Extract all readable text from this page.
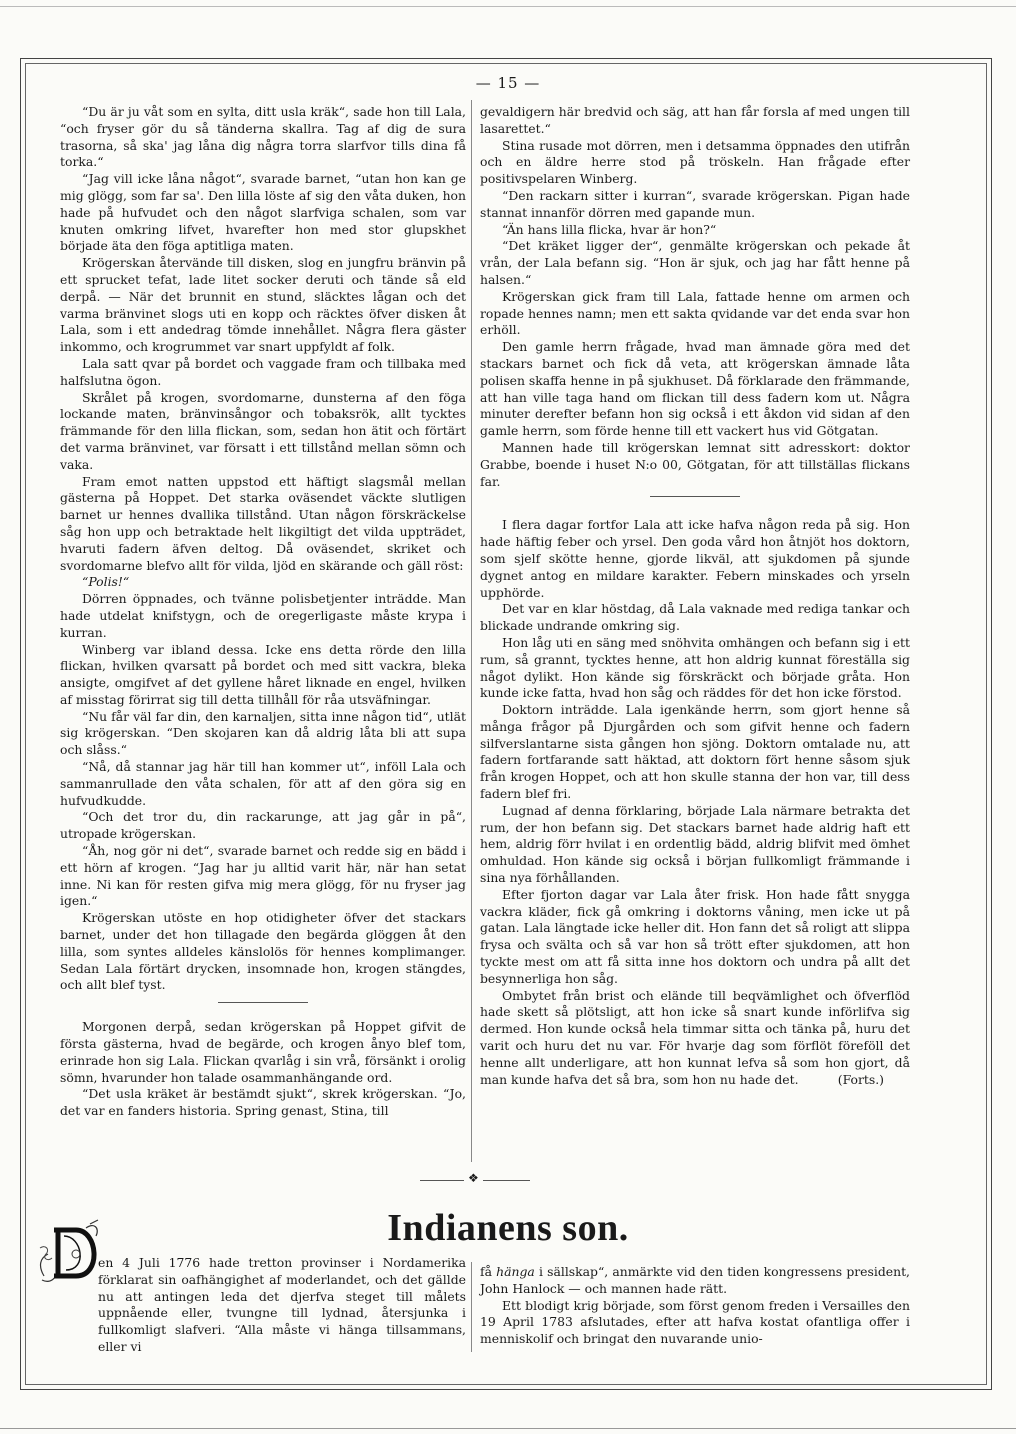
— 15 —

“Du är ju våt som en sylta, ditt usla kräk“, sade hon till Lala, “och fryser gör du så tänderna skallra. Tag af dig de sura trasorna, så ska' jag låna dig några torra slarfvor tills dina få torka.“

“Jag vill icke låna något“, svarade barnet, “utan hon kan ge mig glögg, som far sa'. Den lilla löste af sig den våta duken, hon hade på hufvudet och den något slarfviga schalen, som var knuten omkring lifvet, hvarefter hon med stor glupskhet började äta den föga aptitliga maten.

Krögerskan återvände till disken, slog en jungfru bränvin på ett sprucket tefat, lade litet socker deruti och tände så eld derpå. — När det brunnit en stund, släcktes lågan och det varma bränvinet slogs uti en kopp och räcktes öfver disken åt Lala, som i ett andedrag tömde innehållet. Några flera gäster inkommo, och krogrummet var snart uppfyldt af folk.

Lala satt qvar på bordet och vaggade fram och tillbaka med halfslutna ögon.

Skrålet på krogen, svordomarne, dunsterna af den föga lockande maten, bränvinsångor och tobaksrök, allt tycktes främmande för den lilla flickan, som, sedan hon ätit och förtärt det varma bränvinet, var försatt i ett tillstånd mellan sömn och vaka.

Fram emot natten uppstod ett häftigt slagsmål mellan gästerna på Hoppet. Det starka oväsendet väckte slutligen barnet ur hennes dvallika tillstånd. Utan någon förskräckelse såg hon upp och betraktade helt likgiltigt det vilda uppträdet, hvaruti fadern äfven deltog. Då oväsendet, skriket och svordomarne blefvo allt för vilda, ljöd en skärande och gäll röst:

“Polis!“

Dörren öppnades, och tvänne polisbetjenter inträdde. Man hade utdelat knifstygn, och de oregerligaste måste krypa i kurran.

Winberg var ibland dessa. Icke ens detta rörde den lilla flickan, hvilken qvarsatt på bordet och med sitt vackra, bleka ansigte, omgifvet af det gyllene håret liknade en engel, hvilken af misstag förirrat sig till detta tillhåll för råa utsväfningar.

“Nu får väl far din, den karnaljen, sitta inne någon tid“, utlät sig krögerskan. “Den skojaren kan då aldrig låta bli att supa och slåss.“

“Nå, då stannar jag här till han kommer ut“, inföll Lala och sammanrullade den våta schalen, för att af den göra sig en hufvudkudde.

“Och det tror du, din rackarunge, att jag går in på“, utropade krögerskan.

“Åh, nog gör ni det“, svarade barnet och redde sig en bädd i ett hörn af krogen. “Jag har ju alltid varit här, när han setat inne. Ni kan för resten gifva mig mera glögg, för nu fryser jag igen.“

Krögerskan utöste en hop otidigheter öfver det stackars barnet, under det hon tillagade den begärda glöggen åt den lilla, som syntes alldeles känslolös för hennes komplimanger. Sedan Lala förtärt drycken, insomnade hon, krogen stängdes, och allt blef tyst.

Morgonen derpå, sedan krögerskan på Hoppet gifvit de första gästerna, hvad de begärde, och krogen ånyo blef tom, erinrade hon sig Lala. Flickan qvarlåg i sin vrå, försänkt i orolig sömn, hvarunder hon talade osammanhängande ord.

“Det usla kräket är bestämdt sjukt“, skrek krögerskan. “Jo, det var en fanders historia. Spring genast, Stina, till

gevaldigern här bredvid och säg, att han får forsla af med ungen till lasarettet.“

Stina rusade mot dörren, men i detsamma öppnades den utifrån och en äldre herre stod på tröskeln. Han frågade efter positivspelaren Winberg.

“Den rackarn sitter i kurran“, svarade krögerskan. Pigan hade stannat innanför dörren med gapande mun.

“Än hans lilla flicka, hvar är hon?“

“Det kräket ligger der“, genmälte krögerskan och pekade åt vrån, der Lala befann sig. “Hon är sjuk, och jag har fått henne på halsen.“

Krögerskan gick fram till Lala, fattade henne om armen och ropade hennes namn; men ett sakta qvidande var det enda svar hon erhöll.

Den gamle herrn frågade, hvad man ämnade göra med det stackars barnet och fick då veta, att krögerskan ämnade låta polisen skaffa henne in på sjukhuset. Då förklarade den främmande, att han ville taga hand om flickan till dess fadern kom ut. Några minuter derefter befann hon sig också i ett åkdon vid sidan af den gamle herrn, som förde henne till ett vackert hus vid Götgatan.

Mannen hade till krögerskan lemnat sitt adresskort: doktor Grabbe, boende i huset N:o 00, Götgatan, för att tillställas flickans far.

I flera dagar fortfor Lala att icke hafva någon reda på sig. Hon hade häftig feber och yrsel. Den goda vård hon åtnjöt hos doktorn, som sjelf skötte henne, gjorde likväl, att sjukdomen på sjunde dygnet antog en mildare karakter. Febern minskades och yrseln upphörde.

Det var en klar höstdag, då Lala vaknade med rediga tankar och blickade undrande omkring sig.

Hon låg uti en säng med snöhvita omhängen och befann sig i ett rum, så grannt, tycktes henne, att hon aldrig kunnat föreställa sig något dylikt. Hon kände sig förskräckt och började gråta. Hon kunde icke fatta, hvad hon såg och räddes för det hon icke förstod.

Doktorn inträdde. Lala igenkände herrn, som gjort henne så många frågor på Djurgården och som gifvit henne och fadern silfverslantarne sista gången hon sjöng. Doktorn omtalade nu, att fadern fortfarande satt häktad, att doktorn fört henne såsom sjuk från krogen Hoppet, och att hon skulle stanna der hon var, till dess fadern blef fri.

Lugnad af denna förklaring, började Lala närmare betrakta det rum, der hon befann sig. Det stackars barnet hade aldrig haft ett hem, aldrig förr hvilat i en ordentlig bädd, aldrig blifvit med ömhet omhuldad. Hon kände sig också i början fullkomligt främmande i sina nya förhållanden.

Efter fjorton dagar var Lala åter frisk. Hon hade fått snygga vackra kläder, fick gå omkring i doktorns våning, men icke ut på gatan. Lala längtade icke heller dit. Hon fann det så roligt att slippa frysa och svälta och så var hon så trött efter sjukdomen, att hon tyckte mest om att få sitta inne hos doktorn och undra på allt det besynnerliga hon såg.

Ombytet från brist och elände till beqvämlighet och öfverflöd hade skett så plötsligt, att hon icke så snart kunde införlifva sig dermed. Hon kunde också hela timmar sitta och tänka på, huru det varit och huru det nu var. För hvarje dag som förflöt föreföll det henne allt underligare, att hon kunnat lefva så som hon gjort, då man kunde hafva det så bra, som hon nu hade det.	(Forts.)

❖
Indianens son.

en 4 Juli 1776 hade tretton provinser i Nordamerika förklarat sin oafhängighet af moderlandet, och det gällde nu att antingen leda det djerfva steget till målets uppnående eller, tvungne till lydnad, återsjunka i fullkomligt slafveri. “Alla måste vi hänga tillsammans, eller vi

få hänga i sällskap“, anmärkte vid den tiden kongressens president, John Hanlock — och mannen hade rätt.

Ett blodigt krig började, som först genom freden i Versailles den 19 April 1783 afslutades, efter att hafva kostat ofantliga offer i menniskolif och bringat den nuvarande unio-
